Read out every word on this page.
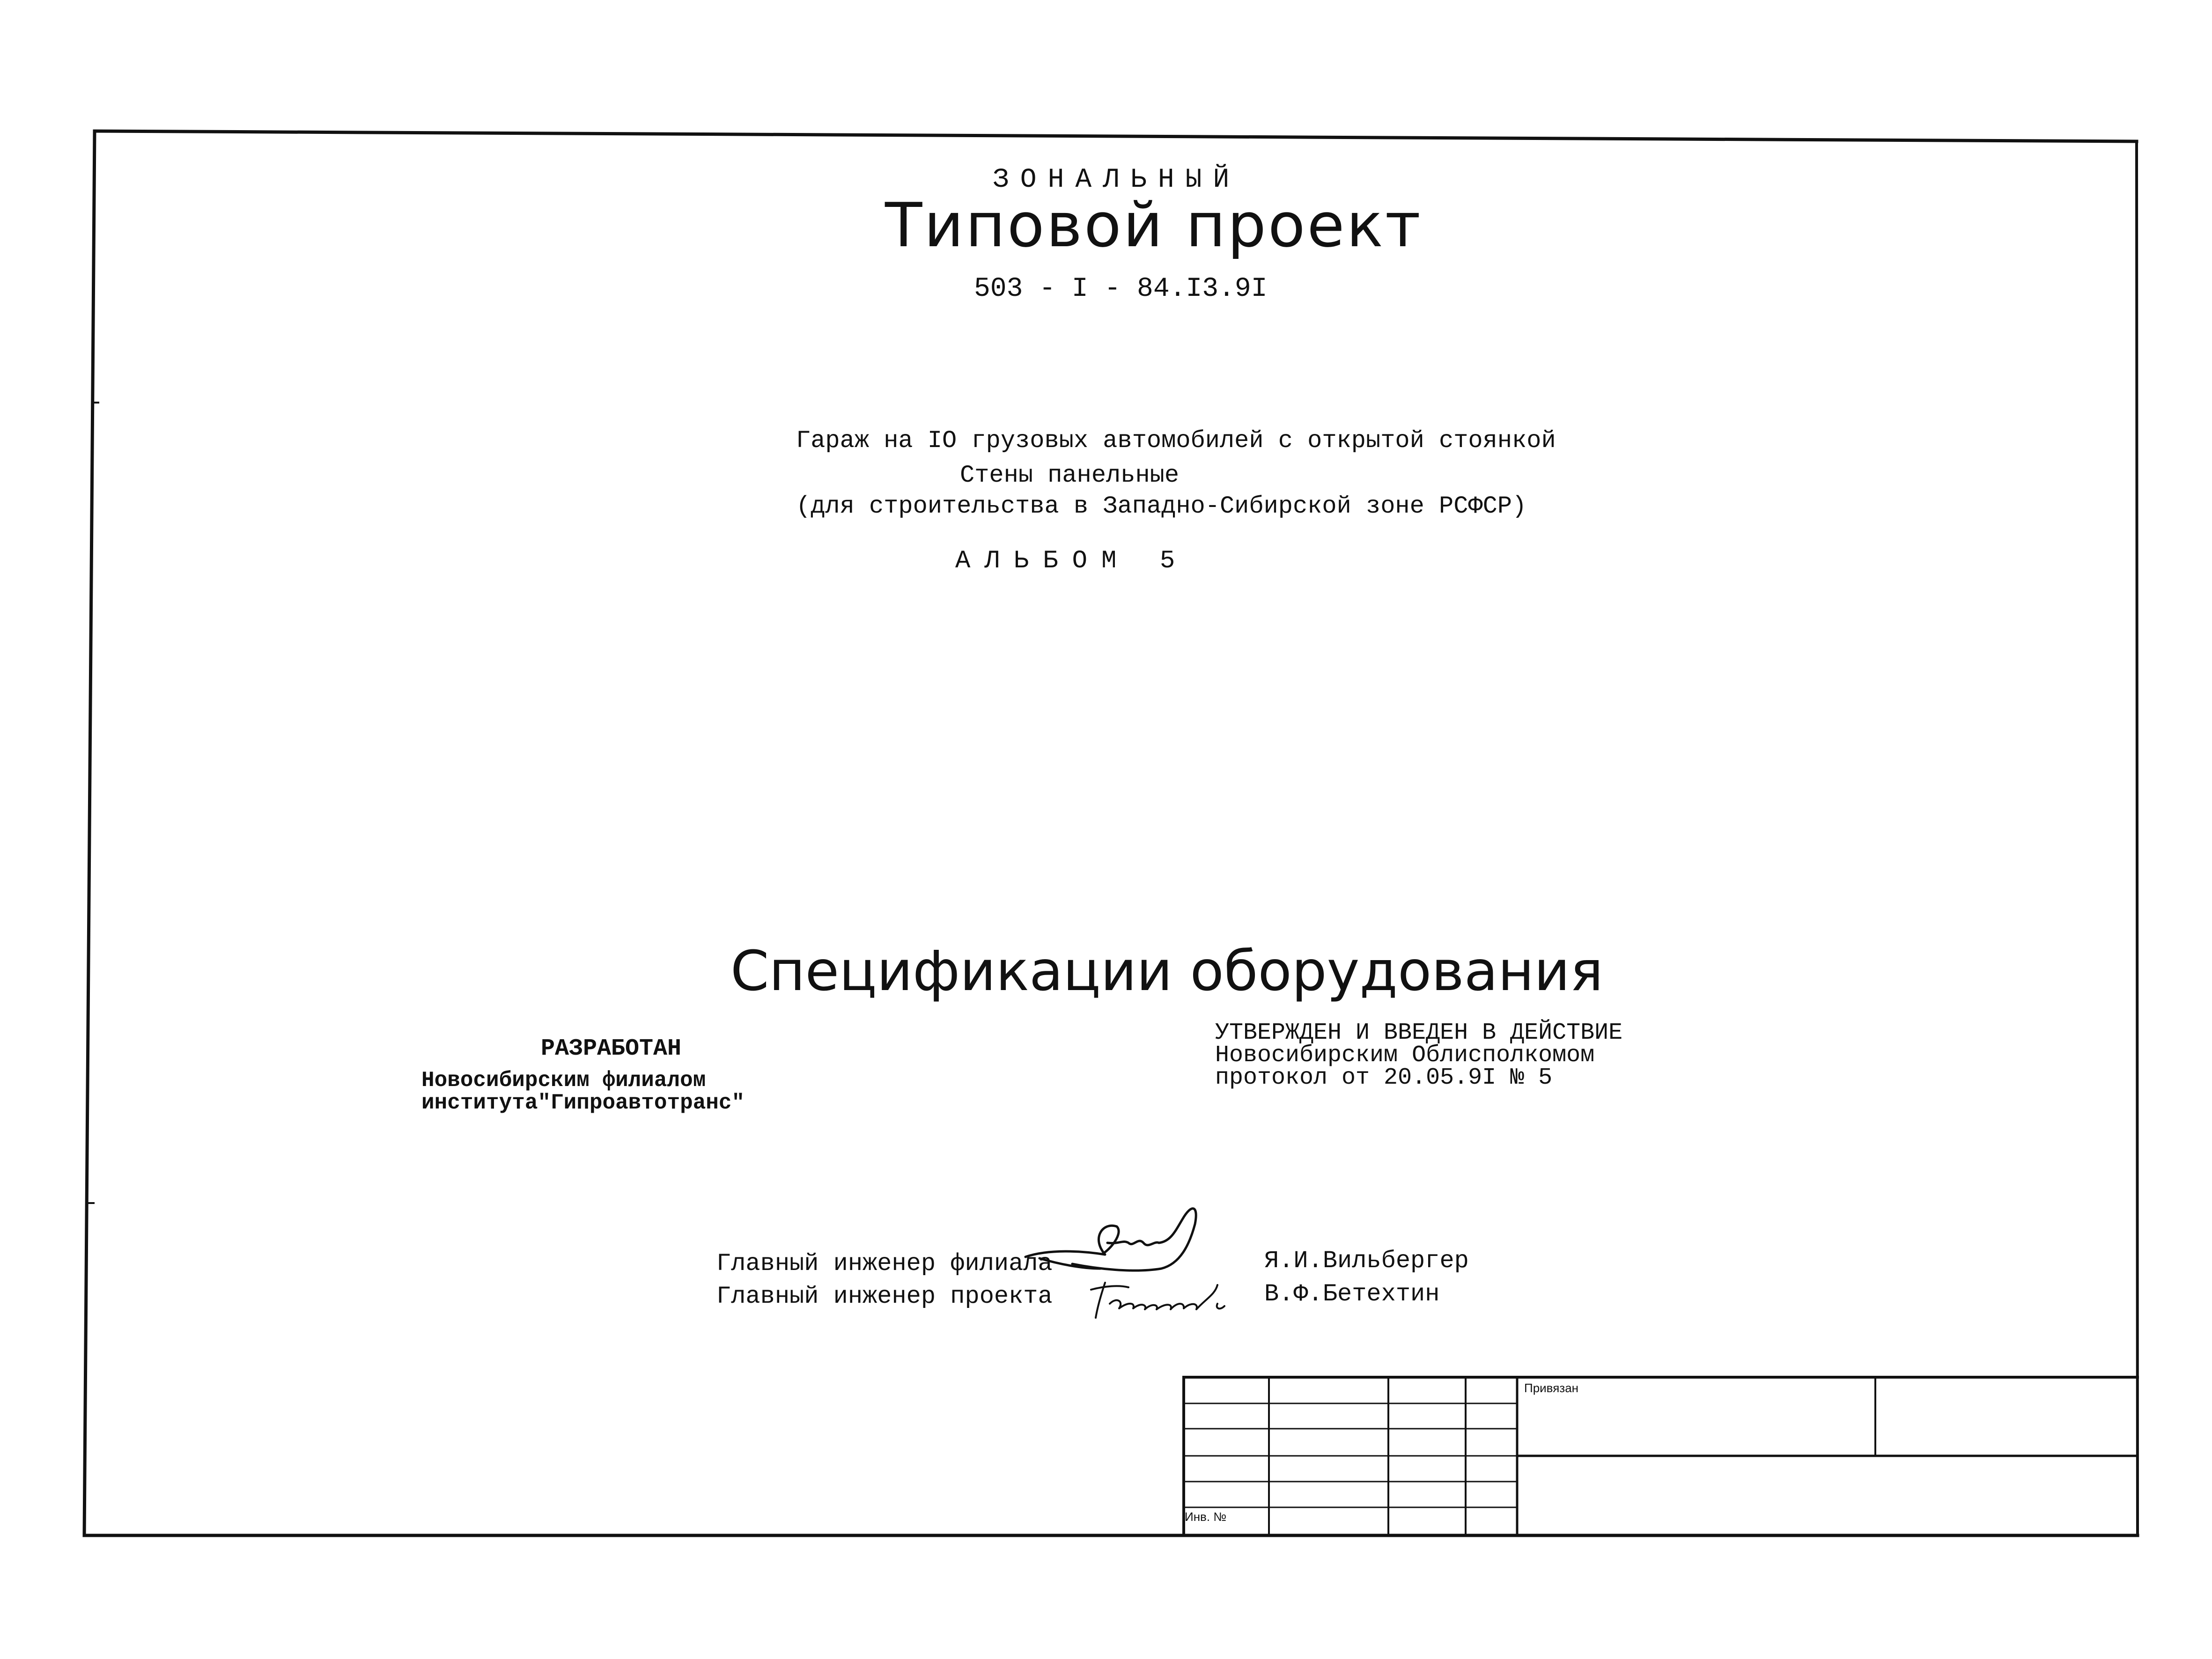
ЗОНАЛЬНЫЙ

Типовой проект

503 - I - 84.I3.9I

Гараж на IO грузовых автомобилей с открытой стоянкой

Стены панельные

(для строительства в Западно-Сибирской зоне РСФСР)

АЛЬБОМ 5

Спецификации оборудования

РАЗРАБОТАН

Новосибирским филиалом

института"Гипроавтотранс"

УТВЕРЖДЕН И ВВЕДЕН В ДЕЙСТВИЕ

Новосибирским Облисполкомом

протокол от 20.05.9I № 5

Главный инженер филиала

Главный инженер проекта

Я.И.Вильбергер

В.Ф.Бетехтин

Привязан

Инв. №
